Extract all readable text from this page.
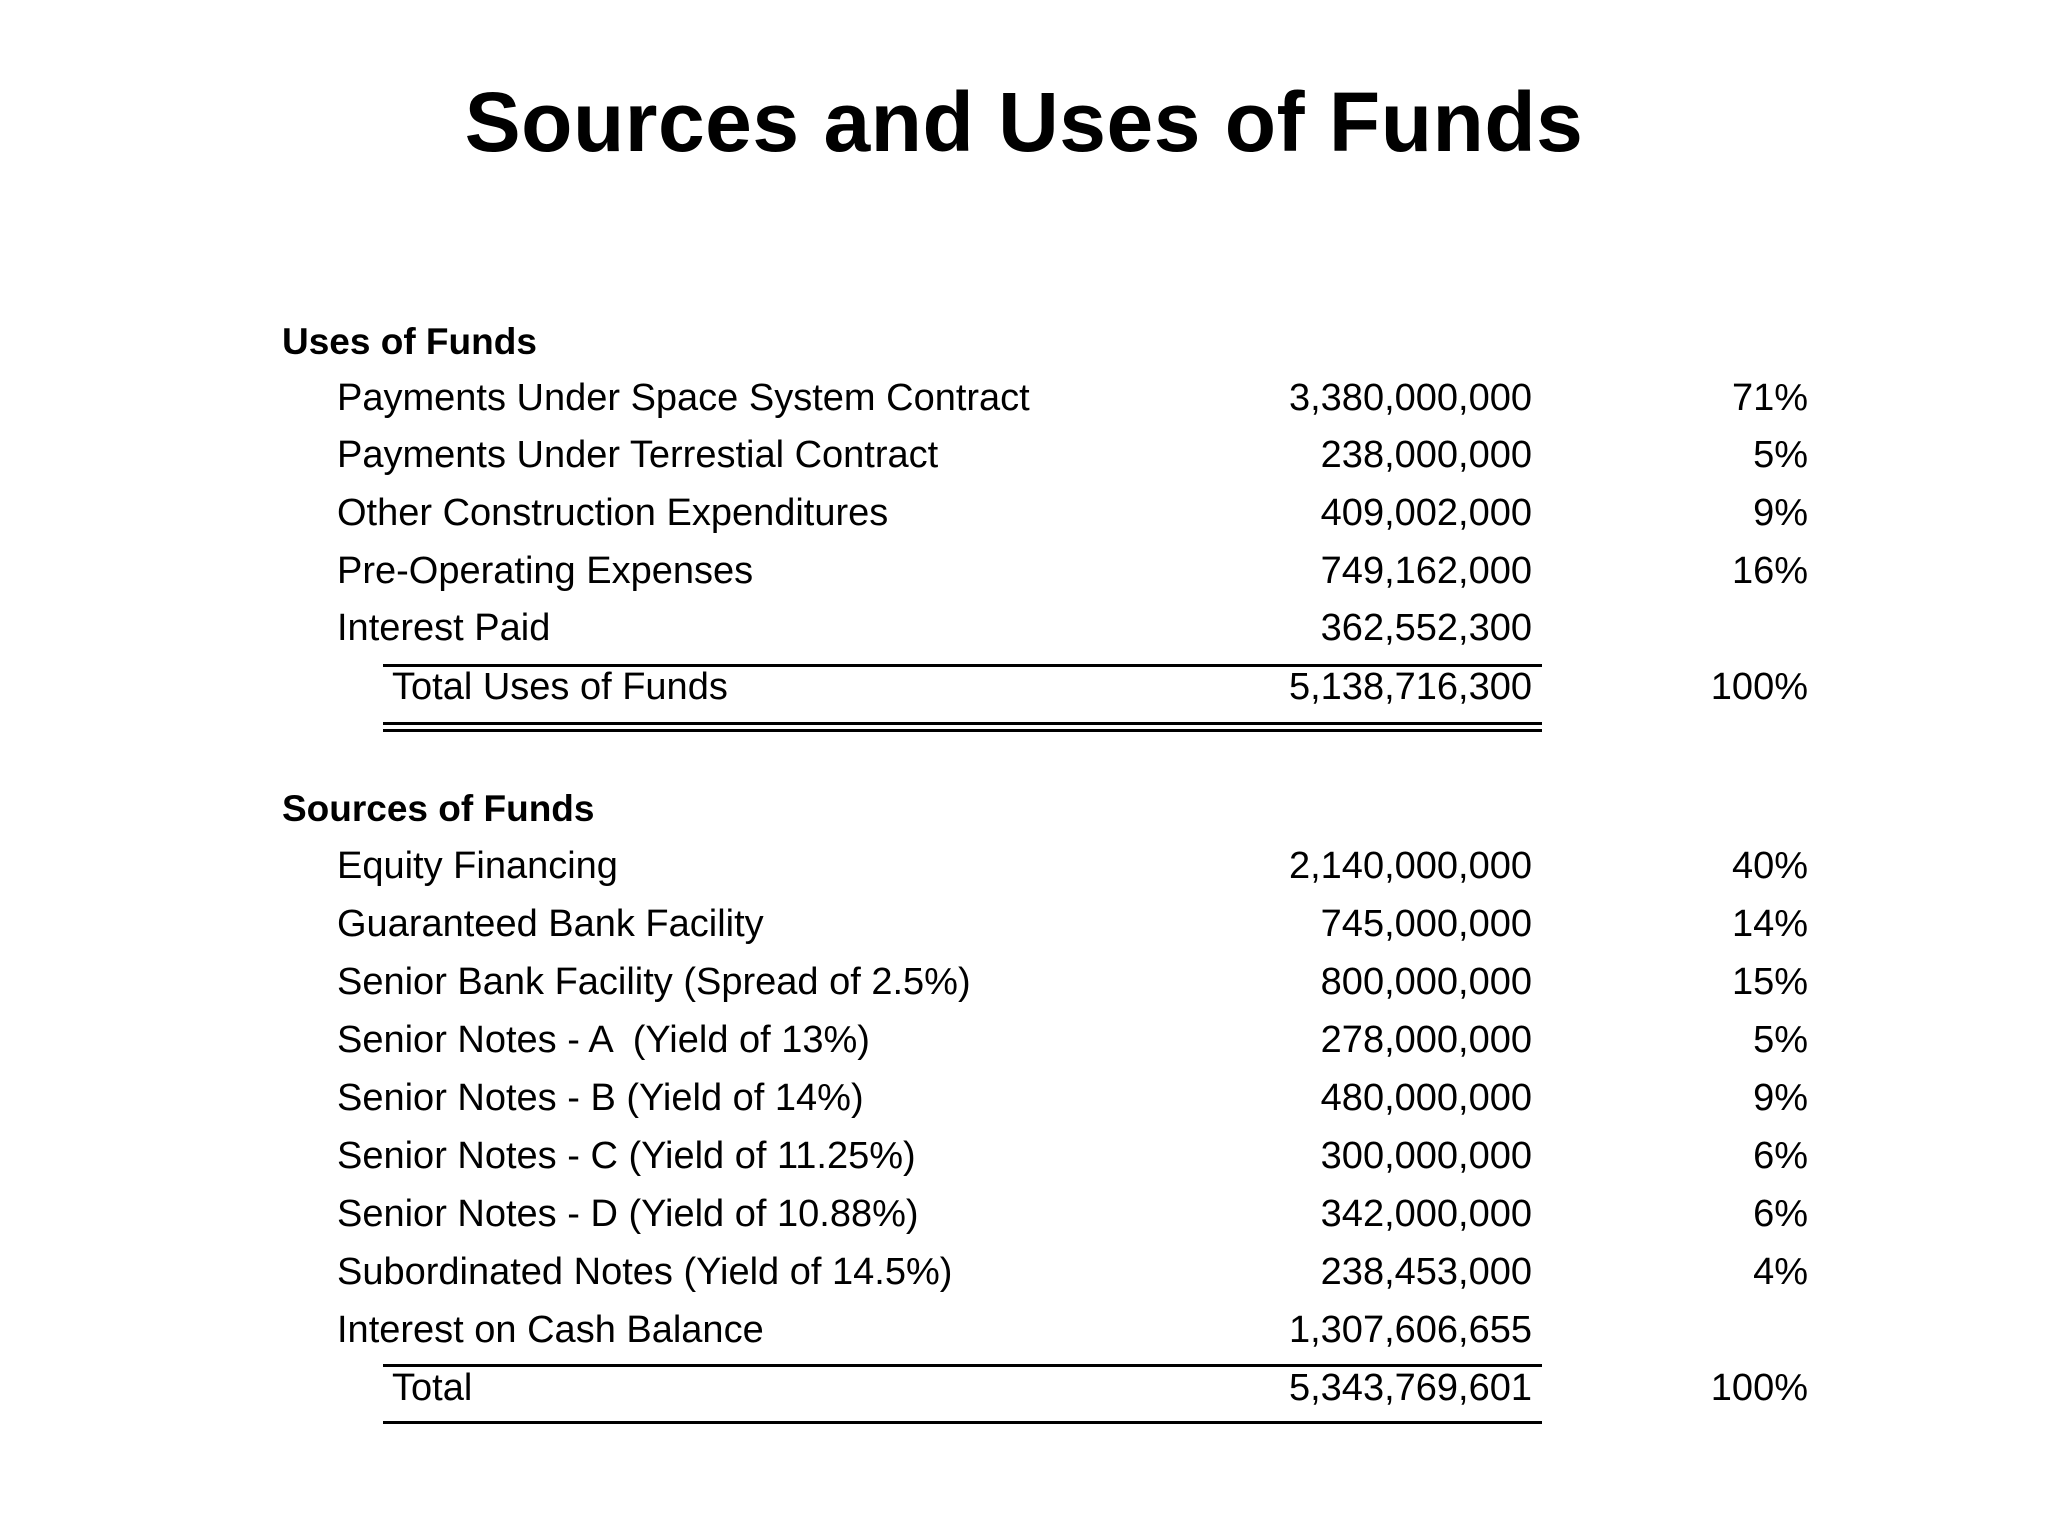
Sources and Uses of Funds
Uses of Funds
Payments Under Space System Contract	3,380,000,000	71%
Payments Under Terrestial Contract	238,000,000	5%
Other Construction Expenditures	409,002,000	9%
Pre-Operating Expenses	749,162,000	16%
Interest Paid	362,552,300
Total Uses of Funds	5,138,716,300	100%
Sources of Funds
Equity Financing	2,140,000,000	40%
Guaranteed Bank Facility	745,000,000	14%
Senior Bank Facility (Spread of 2.5%)	800,000,000	15%
Senior Notes - A  (Yield of 13%)	278,000,000	5%
Senior Notes - B (Yield of 14%)	480,000,000	9%
Senior Notes - C (Yield of 11.25%)	300,000,000	6%
Senior Notes - D (Yield of 10.88%)	342,000,000	6%
Subordinated Notes (Yield of 14.5%)	238,453,000	4%
Interest on Cash Balance	1,307,606,655
Total	5,343,769,601	100%
